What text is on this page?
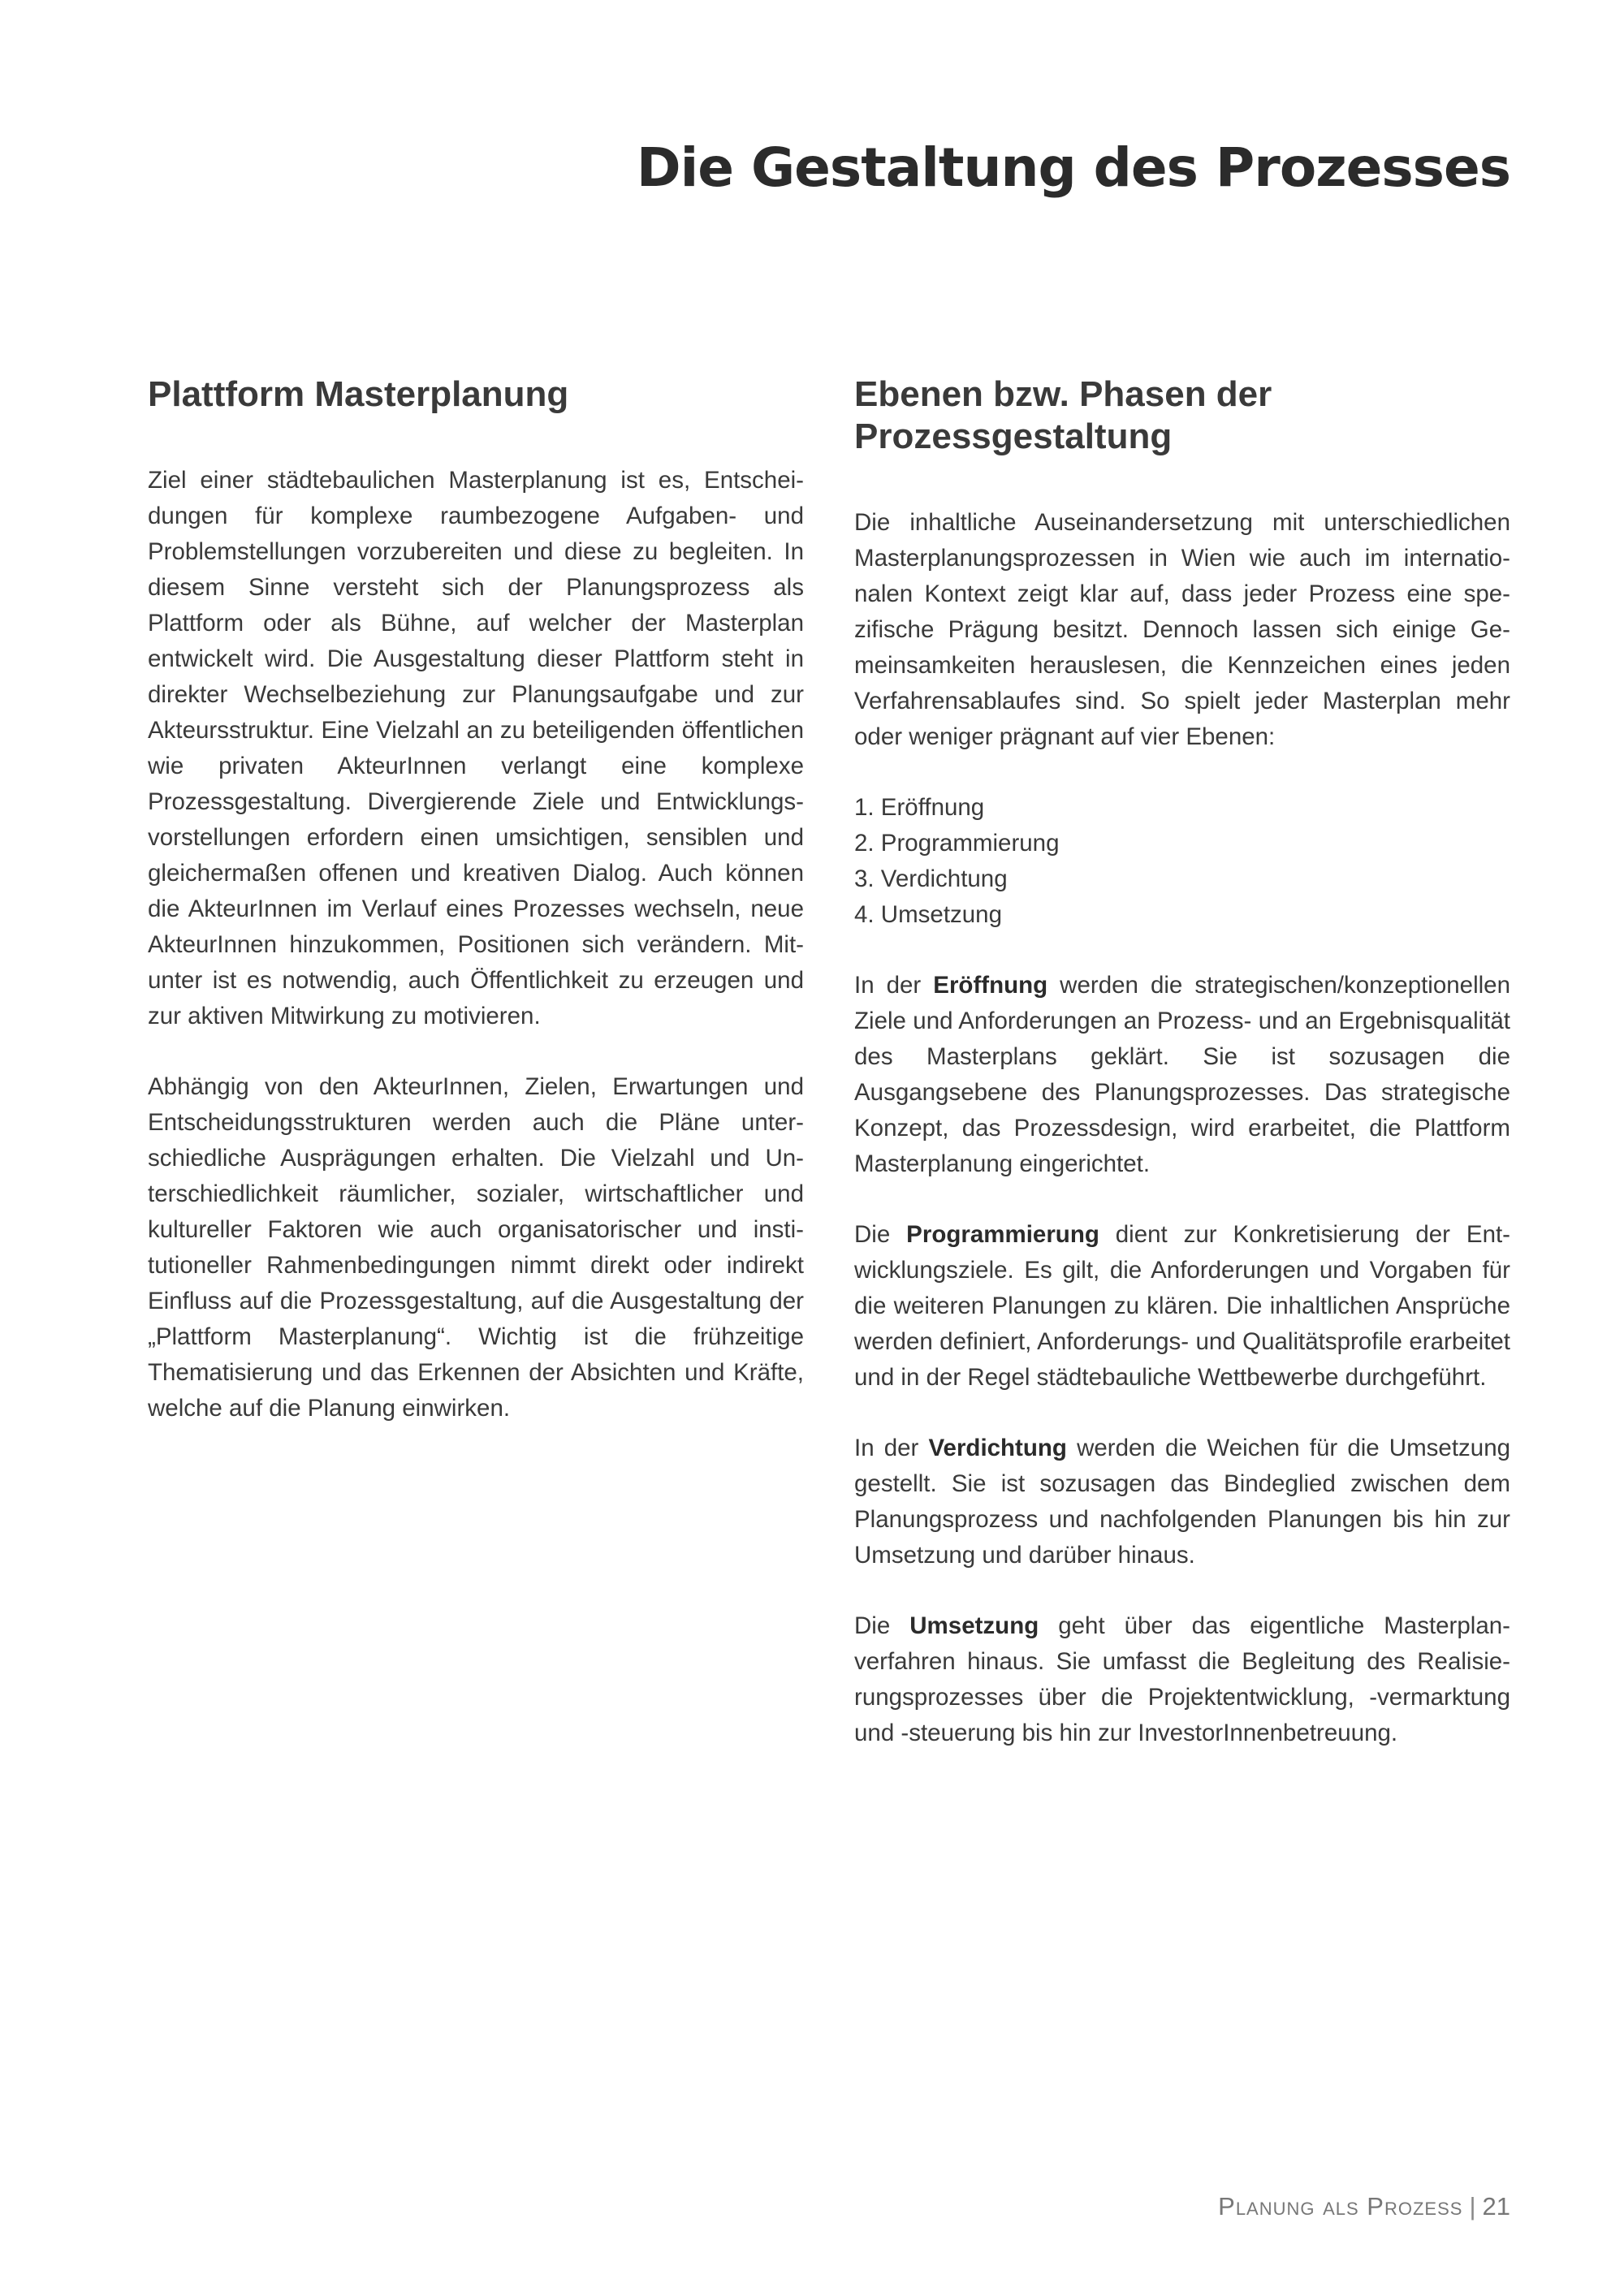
Die Gestaltung des Prozesses
Plattform Masterplanung

Ziel einer städtebaulichen Masterplanung ist es, Entscheidungen für komplexe raumbezogene Aufgaben- und Problemstellungen vorzubereiten und diese zu begleiten. In diesem Sinne versteht sich der Planungsprozess als Plattform oder als Bühne, auf welcher der Masterplan entwickelt wird. Die Ausgestaltung dieser Plattform steht in direkter Wechselbeziehung zur Planungsaufgabe und zur Akteursstruktur. Eine Vielzahl an zu beteiligenden öffentlichen wie privaten AkteurInnen verlangt eine komplexe Prozessgestaltung. Divergierende Ziele und Entwicklungsvorstellungen erfordern einen umsichtigen, sensiblen und gleichermaßen offenen und kreativen Dialog. Auch können die AkteurInnen im Verlauf eines Prozesses wechseln, neue AkteurInnen hinzukommen, Positionen sich verändern. Mitunter ist es notwendig, auch Öffentlichkeit zu erzeugen und zur aktiven Mitwirkung zu motivieren.

Abhängig von den AkteurInnen, Zielen, Erwartungen und Entscheidungsstrukturen werden auch die Pläne unterschiedliche Ausprägungen erhalten. Die Vielzahl und Unterschiedlichkeit räumlicher, sozialer, wirtschaftlicher und kultureller Faktoren wie auch organisatorischer und institutioneller Rahmenbedingungen nimmt direkt oder indirekt Einfluss auf die Prozessgestaltung, auf die Ausgestaltung der „Plattform Masterplanung“. Wichtig ist die frühzeitige Thematisierung und das Erkennen der Absichten und Kräfte, welche auf die Planung einwirken.

Ebenen bzw. Phasen der
Prozessgestaltung

Die inhaltliche Auseinandersetzung mit unterschiedlichen Masterplanungsprozessen in Wien wie auch im internationalen Kontext zeigt klar auf, dass jeder Prozess eine spezifische Prägung besitzt. Dennoch lassen sich einige Gemeinsamkeiten herauslesen, die Kennzeichen eines jeden Verfahrensablaufes sind. So spielt jeder Masterplan mehr oder weniger prägnant auf vier Ebenen:

1. Eröffnung
2. Programmierung
3. Verdichtung
4. Umsetzung

In der Eröffnung werden die strategischen/konzeptionellen Ziele und Anforderungen an Prozess- und an Ergebnisqualität des Masterplans geklärt. Sie ist sozusagen die Ausgangsebene des Planungsprozesses. Das strategische Konzept, das Prozessdesign, wird erarbeitet, die Plattform Masterplanung eingerichtet.

Die Programmierung dient zur Konkretisierung der Entwicklungsziele. Es gilt, die Anforderungen und Vorgaben für die weiteren Planungen zu klären. Die inhaltlichen Ansprüche werden definiert, Anforderungs- und Qualitätsprofile erarbeitet und in der Regel städtebauliche Wettbewerbe durchgeführt.

In der Verdichtung werden die Weichen für die Umsetzung gestellt. Sie ist sozusagen das Bindeglied zwischen dem Planungsprozess und nachfolgenden Planungen bis hin zur Umsetzung und darüber hinaus.

Die Umsetzung geht über das eigentliche Masterplanverfahren hinaus. Sie umfasst die Begleitung des Realisierungsprozesses über die Projektentwicklung, -vermarktung und -steuerung bis hin zur InvestorInnenbetreuung.

Planung als Prozess | 21
